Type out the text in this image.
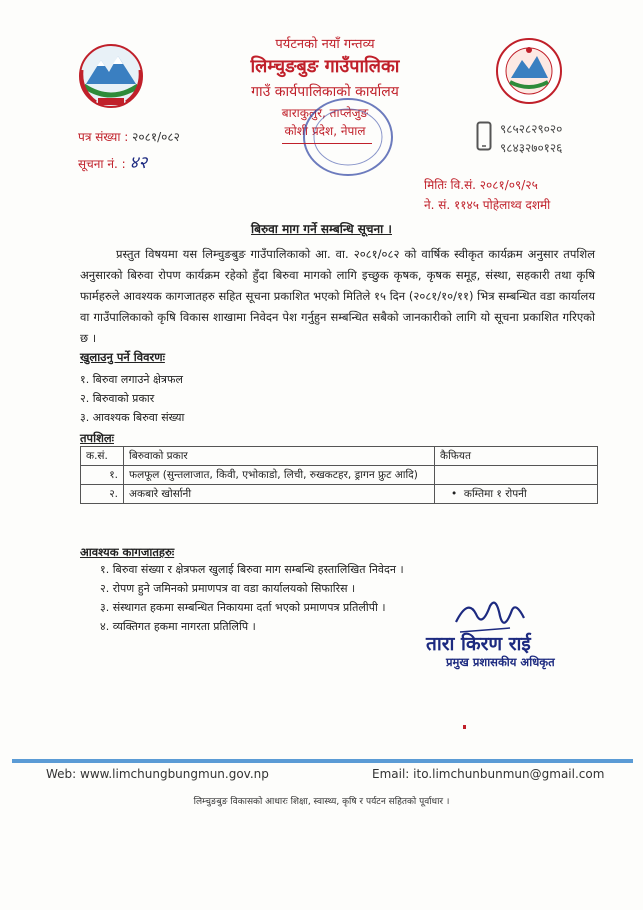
पर्यटनको नयाँ गन्तव्य
लिम्चुङबुङ गाउँपालिका
गाउँ कार्यपालिकाको कार्यालय
बाराकुलुर, ताप्लेजुङ
कोशी प्रदेश, नेपाल
पत्र संख्या : २०८१/०८२
सूचना नं. : ४२
९८५२८२९०२०
९८४३२७०१२६
मितिः वि.सं. २०८१/०९/२५
ने. सं. ११४५ पोहेलाथ्व दशमी
बिरुवा माग गर्ने सम्बन्धि सूचना ।
प्रस्तुत विषयमा यस लिम्चुङबुङ गाउँपालिकाको आ. वा. २०८१/०८२ को वार्षिक स्वीकृत कार्यक्रम अनुसार तपशिल अनुसारको बिरुवा रोपण कार्यक्रम रहेको हुँदा बिरुवा मागको लागि इच्छुक कृषक, कृषक समूह, संस्था, सहकारी तथा कृषि फार्महरुले आवश्यक कागजातहरु सहित सूचना प्रकाशित भएको मितिले १५ दिन (२०८१/१०/११) भित्र सम्बन्धित वडा कार्यालय वा गाउँपालिकाको कृषि विकास शाखामा निवेदन पेश गर्नुहुन सम्बन्धित सबैको जानकारीको लागि यो सूचना प्रकाशित गरिएको छ ।
खुलाउनु पर्ने विवरणः
१. बिरुवा लगाउने क्षेत्रफल
२. बिरुवाको प्रकार
३. आवश्यक बिरुवा संख्या
तपशिलः
क.सं.	बिरुवाको प्रकार	कैफियत
१.	फलफूल (सुन्तलाजात, किवी, एभोकाडो, लिची, रुखकटहर, ड्रागन फ्रुट आदि)	
२.	अकबारे खोर्सानी	• कम्तिमा १ रोपनी
आवश्यक कागजातहरुः
१. बिरुवा संख्या र क्षेत्रफल खुलाई बिरुवा माग सम्बन्धि हस्तालिखित निवेदन ।
२. रोपण हुने जमिनको प्रमाणपत्र वा वडा कार्यालयको सिफारिस ।
३. संस्थागत हकमा सम्बन्धित निकायमा दर्ता भएको प्रमाणपत्र प्रतिलीपी ।
४. व्यक्तिगत हकमा नागरता प्रतिलिपि ।
तारा किरण राई
प्रमुख प्रशासकीय अधिकृत
Web: www.limchungbungmun.gov.np	Email: ito.limchunbunmun@gmail.com
लिम्चुङबुङ विकासको आधारः शिक्षा, स्वास्थ्य, कृषि र पर्यटन सहितको पूर्वाधार ।
